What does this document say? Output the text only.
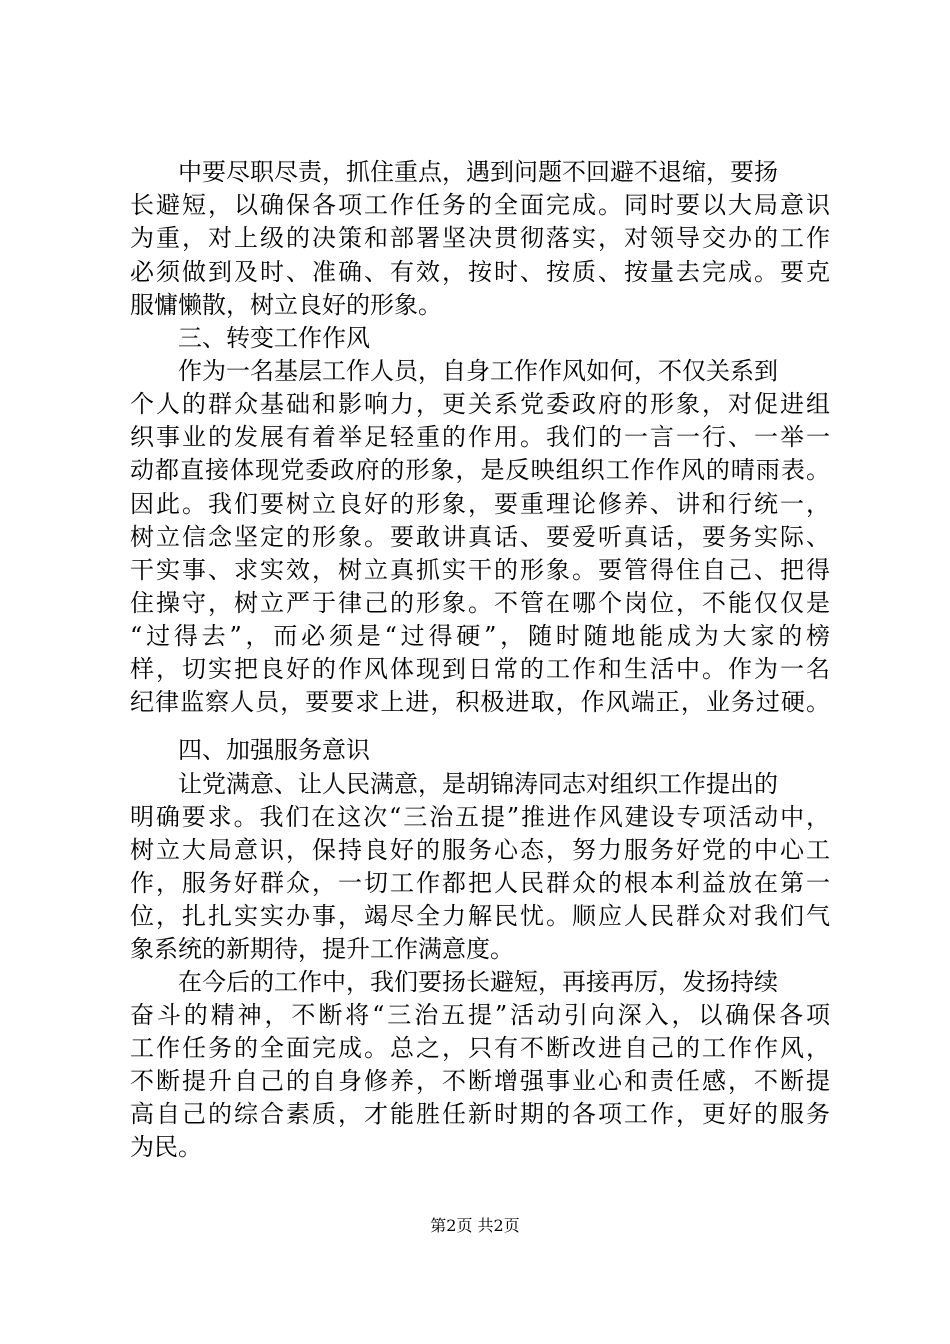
中要尽职尽责，抓住重点，遇到问题不回避不退缩，要扬
长避短，以确保各项工作任务的全面完成。同时要以大局意识
为重，对上级的决策和部署坚决贯彻落实，对领导交办的工作
必须做到及时、准确、有效，按时、按质、按量去完成。要克
服慵懒散，树立良好的形象。
三、转变工作作风
作为一名基层工作人员，自身工作作风如何，不仅关系到
个人的群众基础和影响力，更关系党委政府的形象，对促进组
织事业的发展有着举足轻重的作用。我们的一言一行、一举一
动都直接体现党委政府的形象，是反映组织工作作风的晴雨表。
因此。我们要树立良好的形象，要重理论修养、讲和行统一，
树立信念坚定的形象。要敢讲真话、要爱听真话，要务实际、
干实事、求实效，树立真抓实干的形象。要管得住自己、把得
住操守，树立严于律己的形象。不管在哪个岗位，不能仅仅是
“过得去”，而必须是“过得硬”，随时随地能成为大家的榜
样，切实把良好的作风体现到日常的工作和生活中。作为一名
纪律监察人员，要要求上进，积极进取，作风端正，业务过硬。
四、加强服务意识
让党满意、让人民满意，是胡锦涛同志对组织工作提出的
明确要求。我们在这次“三治五提”推进作风建设专项活动中，
树立大局意识，保持良好的服务心态，努力服务好党的中心工
作，服务好群众，一切工作都把人民群众的根本利益放在第一
位，扎扎实实办事，竭尽全力解民忧。顺应人民群众对我们气
象系统的新期待，提升工作满意度。
在今后的工作中，我们要扬长避短，再接再厉，发扬持续
奋斗的精神，不断将“三治五提”活动引向深入，以确保各项
工作任务的全面完成。总之，只有不断改进自己的工作作风，
不断提升自己的自身修养，不断增强事业心和责任感，不断提
高自己的综合素质，才能胜任新时期的各项工作，更好的服务
为民。
第2页 共2页
